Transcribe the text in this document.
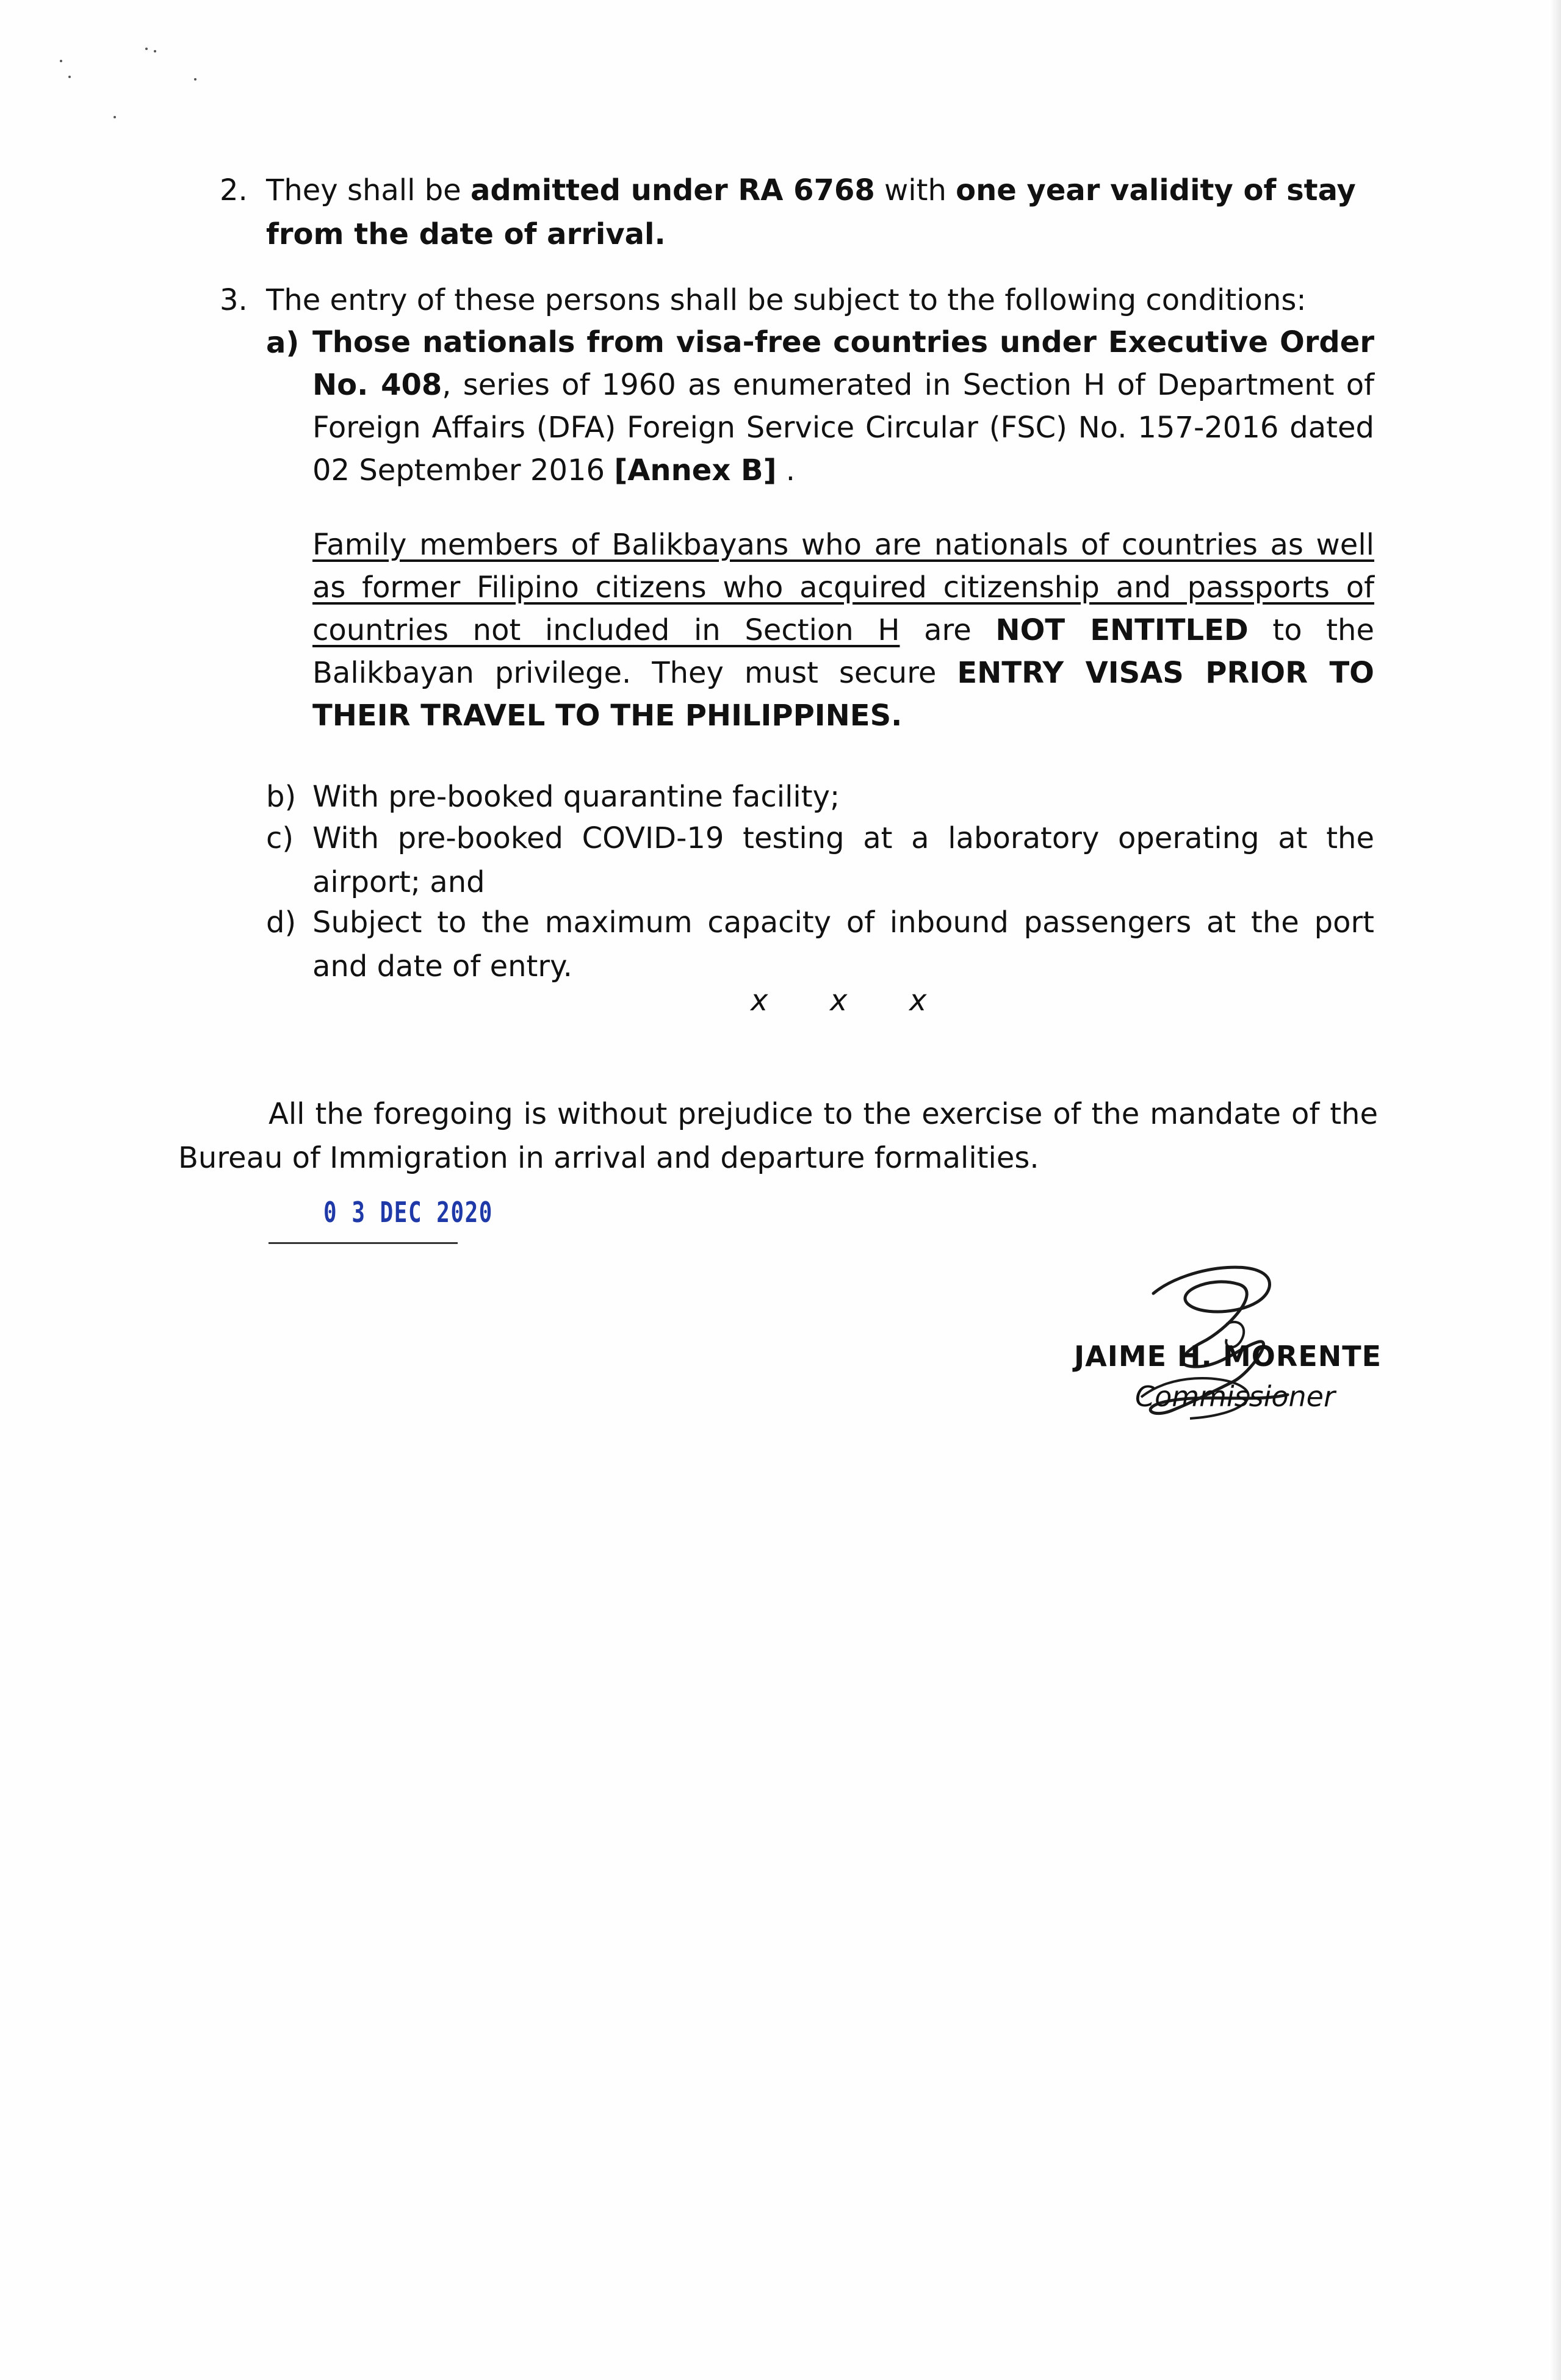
2. They shall be admitted under RA 6768 with one year validity of stay from the date of arrival.
3. The entry of these persons shall be subject to the following conditions:
a) Those nationals from visa-free countries under Executive Order No. 408, series of 1960 as enumerated in Section H of Department of Foreign Affairs (DFA) Foreign Service Circular (FSC) No. 157-2016 dated 02 September 2016 [Annex B] .
Family members of Balikbayans who are nationals of countries as well as former Filipino citizens who acquired citizenship and passports of countries not included in Section H are NOT ENTITLED to the Balikbayan privilege. They must secure ENTRY VISAS PRIOR TO THEIR TRAVEL TO THE PHILIPPINES.
b) With pre-booked quarantine facility;
c) With pre-booked COVID-19 testing at a laboratory operating at the airport; and
d) Subject to the maximum capacity of inbound passengers at the port and date of entry.
x x x
All the foregoing is without prejudice to the exercise of the mandate of the Bureau of Immigration in arrival and departure formalities.
0 3 DEC 2020
JAIME H. MORENTE
Commissioner
